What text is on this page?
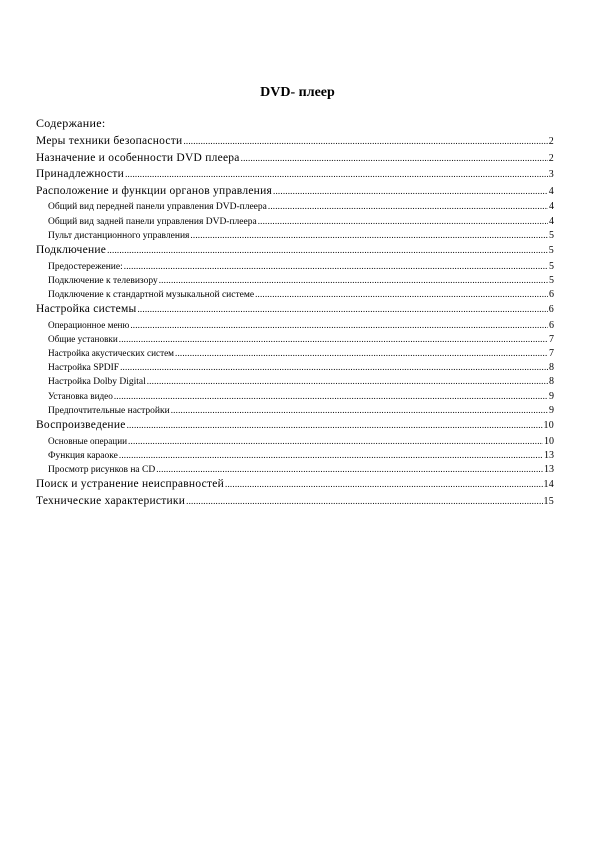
DVD- плеер
Содержание:
Меры техники безопасности .....	2
Назначение и особенности DVD плеера .....	2
Принадлежности .....	3
Расположение и функции органов управления .....	4
Общий вид передней панели управления DVD-плеера .....	4
Общий вид задней панели управления DVD-плеера .....	4
Пульт дистанционного управления .....	5
Подключение .....	5
Предостережение: .....	5
Подключение к телевизору .....	5
Подключение к стандартной музыкальной системе .....	6
Настройка системы .....	6
Операционное меню .....	6
Общие установки .....	7
Настройка акустических систем .....	7
Настройка SPDIF .....	8
Настройка Dolby Digital .....	8
Установка видео .....	9
Предпочтительные настройки .....	9
Воспроизведение .....	10
Основные операции .....	10
Функция караоке .....	13
Просмотр рисунков на CD .....	13
Поиск и устранение неисправностей .....	14
Технические характеристики .....	15
